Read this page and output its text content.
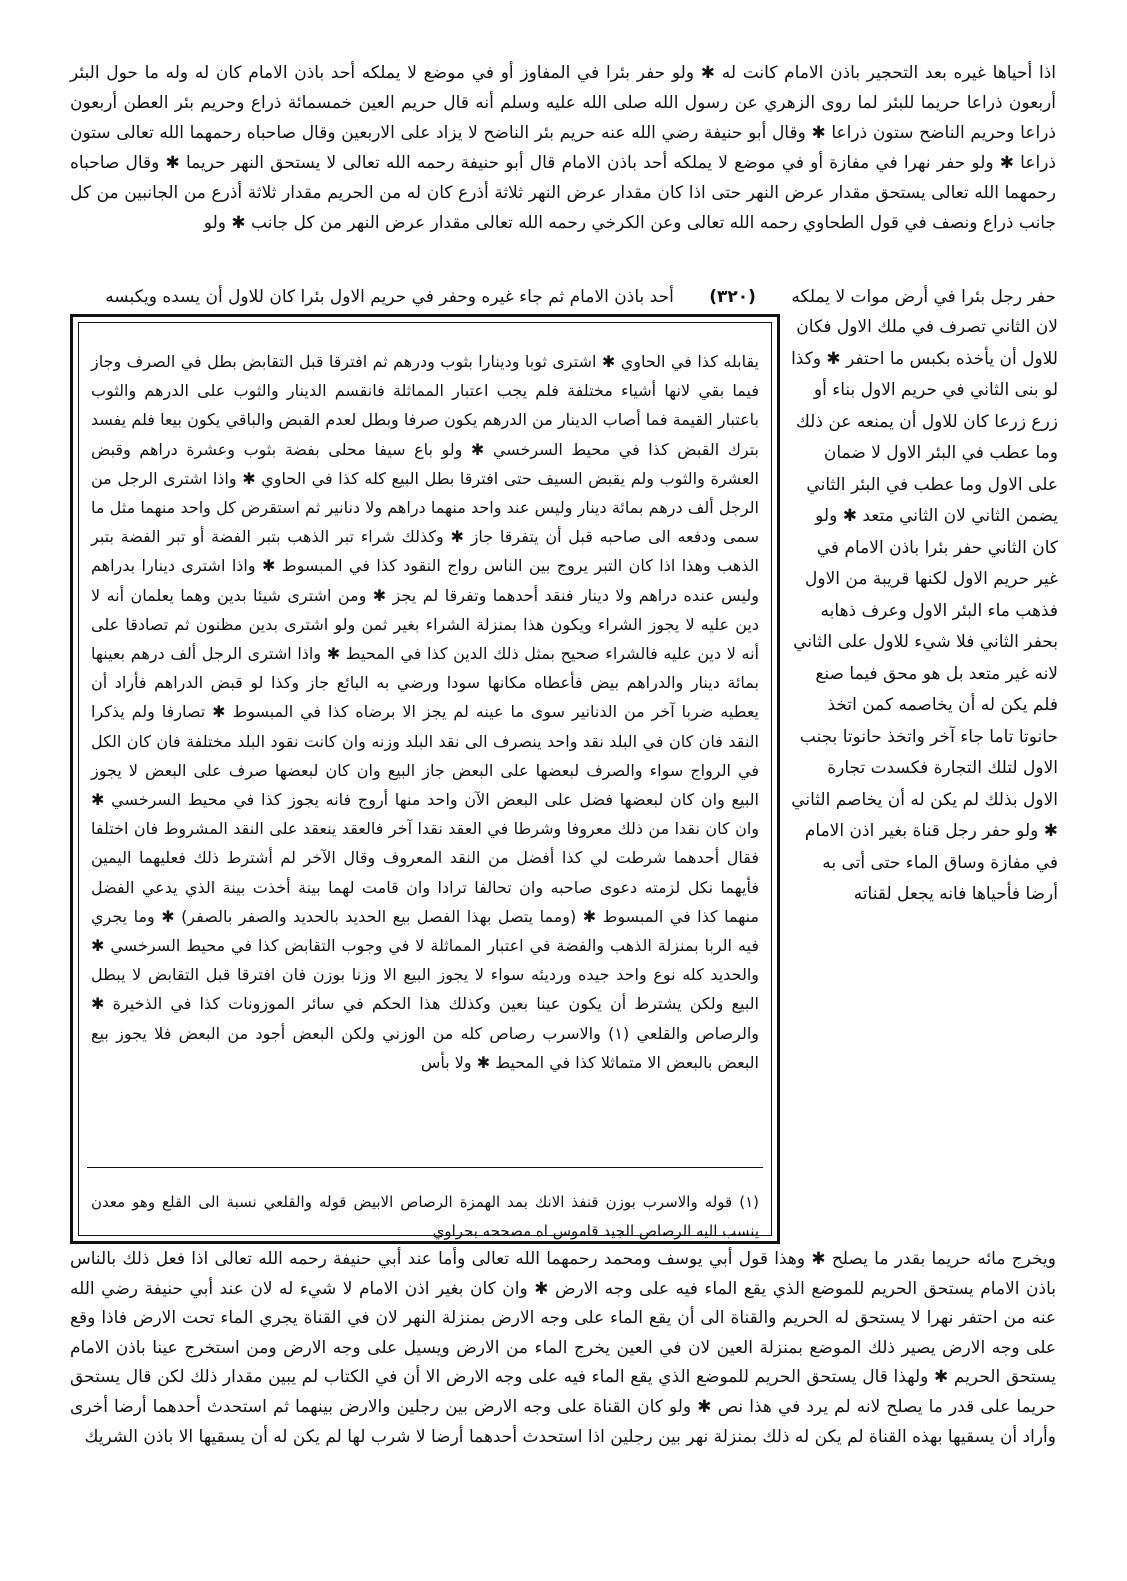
اذا أحياها غيره بعد التحجير باذن الامام كانت له ✱ ولو حفر بئرا في المفاوز أو في موضع لا يملكه أحد باذن الامام كان له وله ما حول البئر أربعون ذراعا حريما للبئر لما روى الزهري عن رسول الله صلى الله عليه وسلم أنه قال حريم العين خمسمائة ذراع وحريم بئر العطن أربعون ذراعا وحريم الناضح ستون ذراعا ✱ وقال أبو حنيفة رضي الله عنه حريم بئر الناضح لا يزاد على الاربعين وقال صاحباه رحمهما الله تعالى ستون ذراعا ✱ ولو حفر نهرا في مفازة أو في موضع لا يملكه أحد باذن الامام قال أبو حنيفة رحمه الله تعالى لا يستحق النهر حريما ✱ وقال صاحباه رحمهما الله تعالى يستحق مقدار عرض النهر حتى اذا كان مقدار عرض النهر ثلاثة أذرع كان له من الحريم مقدار ثلاثة أذرع من الجانبين من كل جانب ذراع ونصف في قول الطحاوي رحمه الله تعالى وعن الكرخي رحمه الله تعالى مقدار عرض النهر من كل جانب ✱ ولو

حفر رجل بئرا في أرض موات لا يملكه (٣٢٠) أحد باذن الامام ثم جاء غيره وحفر في حريم الاول بئرا كان للاول أن يسده ويكبسه

لان الثاني تصرف في ملك الاول فكان للاول أن يأخذه بكبس ما احتفر ✱ وكذا لو بنى الثاني في حريم الاول بناء أو زرع زرعا كان للاول أن يمنعه عن ذلك وما عطب في البئر الاول لا ضمان على الاول وما عطب في البئر الثاني يضمن الثاني لان الثاني متعد ✱ ولو كان الثاني حفر بئرا باذن الامام في غير حريم الاول لكنها قريبة من الاول فذهب ماء البئر الاول وعرف ذهابه بحفر الثاني فلا شيء للاول على الثاني لانه غير متعد بل هو محق فيما صنع فلم يكن له أن يخاصمه كمن اتخذ حانوتا تاما جاء آخر واتخذ حانوتا بجنب الاول لتلك التجارة فكسدت تجارة الاول بذلك لم يكن له أن يخاصم الثاني ✱ ولو حفر رجل قناة بغير اذن الامام في مفازة وساق الماء حتى أتى به أرضا فأحياها فانه يجعل لقناته

يقابله كذا في الحاوي ✱ اشترى ثوبا ودينارا بثوب ودرهم ثم افترقا قبل التقابض بطل في الصرف وجاز فيما بقي لانها أشياء مختلفة فلم يجب اعتبار المماثلة فانقسم الدينار والثوب على الدرهم والثوب باعتبار القيمة فما أصاب الدينار من الدرهم يكون صرفا وبطل لعدم القبض والباقي يكون بيعا فلم يفسد بترك القبض كذا في محيط السرخسي ✱ ولو باع سيفا محلى بفضة بثوب وعشرة دراهم وقبض العشرة والثوب ولم يقبض السيف حتى افترقا بطل البيع كله كذا في الحاوي ✱ واذا اشترى الرجل من الرجل ألف درهم بمائة دينار وليس عند واحد منهما دراهم ولا دنانير ثم استقرض كل واحد منهما مثل ما سمى ودفعه الى صاحبه قبل أن يتفرقا جاز ✱ وكذلك شراء تبر الذهب بتبر الفضة أو تبر الفضة بتبر الذهب وهذا اذا كان التبر يروج بين الناس رواج النقود كذا في المبسوط ✱ واذا اشترى دينارا بدراهم وليس عنده دراهم ولا دينار فنقد أحدهما وتفرقا لم يجز ✱ ومن اشترى شيئا بدين وهما يعلمان أنه لا دين عليه لا يجوز الشراء ويكون هذا بمنزلة الشراء بغير ثمن ولو اشترى بدين مظنون ثم تصادقا على أنه لا دين عليه فالشراء صحيح بمثل ذلك الدين كذا في المحيط ✱ واذا اشترى الرجل ألف درهم بعينها بمائة دينار والدراهم بيض فأعطاه مكانها سودا ورضي به البائع جاز وكذا لو قبض الدراهم فأراد أن يعطيه ضربا آخر من الدنانير سوى ما عينه لم يجز الا برضاه كذا في المبسوط ✱ تصارفا ولم يذكرا النقد فان كان في البلد نقد واحد ينصرف الى نقد البلد وزنه وان كانت نقود البلد مختلفة فان كان الكل في الرواج سواء والصرف لبعضها على البعض جاز البيع وان كان لبعضها صرف على البعض لا يجوز البيع وان كان لبعضها فضل على البعض الآن واحد منها أروج فانه يجوز كذا في محيط السرخسي ✱ وان كان نقدا من ذلك معروفا وشرطا في العقد نقدا آخر فالعقد ينعقد على النقد المشروط فان اختلفا فقال أحدهما شرطت لي كذا أفضل من النقد المعروف وقال الآخر لم أشترط ذلك فعليهما اليمين فأيهما نكل لزمته دعوى صاحبه وان تحالفا ترادا وان قامت لهما بينة أخذت بينة الذي يدعي الفضل منهما كذا في المبسوط ✱ (ومما يتصل بهذا الفصل بيع الحديد بالحديد والصفر بالصفر) ✱ وما يجري فيه الربا بمنزلة الذهب والفضة في اعتبار المماثلة لا في وجوب التقابض كذا في محيط السرخسي ✱ والحديد كله نوع واحد جيده ورديئه سواء لا يجوز البيع الا وزنا بوزن فان افترقا قبل التقابض لا يبطل البيع ولكن يشترط أن يكون عينا بعين وكذلك هذا الحكم في سائر الموزونات كذا في الذخيرة ✱ والرصاص والقلعي (١) والاسرب رصاص كله من الوزني ولكن البعض أجود من البعض فلا يجوز بيع البعض بالبعض الا متماثلا كذا في المحيط ✱ ولا بأس

(١) قوله والاسرب بوزن قنفذ الانك بمد الهمزة الرصاص الابيض قوله والقلعي نسبة الى القلع وهو معدن ينسب اليه الرصاص الجيد قاموس اه مصححه بحراوي

ويخرج مائه حريما بقدر ما يصلح ✱ وهذا قول أبي يوسف ومحمد رحمهما الله تعالى وأما عند أبي حنيفة رحمه الله تعالى اذا فعل ذلك بالناس باذن الامام يستحق الحريم للموضع الذي يقع الماء فيه على وجه الارض ✱ وان كان بغير اذن الامام لا شيء له لان عند أبي حنيفة رضي الله عنه من احتفر نهرا لا يستحق له الحريم والقناة الى أن يقع الماء على وجه الارض بمنزلة النهر لان في القناة يجري الماء تحت الارض فاذا وقع على وجه الارض يصير ذلك الموضع بمنزلة العين لان في العين يخرج الماء من الارض ويسيل على وجه الارض ومن استخرج عينا باذن الامام يستحق الحريم ✱ ولهذا قال يستحق الحريم للموضع الذي يقع الماء فيه على وجه الارض الا أن في الكتاب لم يبين مقدار ذلك لكن قال يستحق حريما على قدر ما يصلح لانه لم يرد في هذا نص ✱ ولو كان القناة على وجه الارض بين رجلين والارض بينهما ثم استحدث أحدهما أرضا أخرى وأراد أن يسقيها بهذه القناة لم يكن له ذلك بمنزلة نهر بين رجلين اذا استحدث أحدهما أرضا لا شرب لها لم يكن له أن يسقيها الا باذن الشريك
